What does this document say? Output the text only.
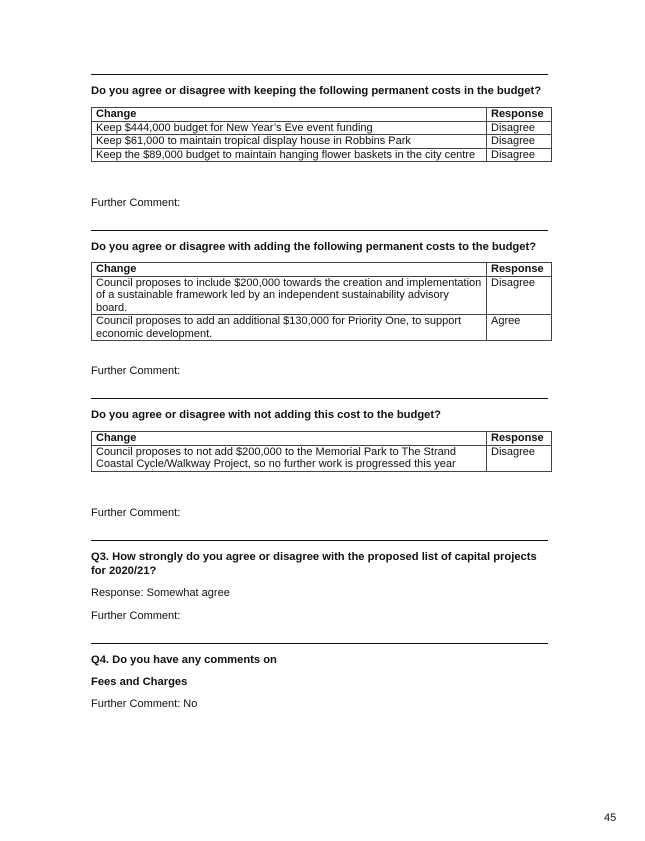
Do you agree or disagree with keeping the following permanent costs in the budget?
Change	Response
Keep $444,000 budget for New Year’s Eve event funding	Disagree
Keep $61,000 to maintain tropical display house in Robbins Park	Disagree
Keep the $89,000 budget to maintain hanging flower baskets in the city centre	Disagree
Further Comment:
Do you agree or disagree with adding the following permanent costs to the budget?
Change	Response
Council proposes to include $200,000 towards the creation and implementation of a sustainable framework led by an independent sustainability advisory board.	Disagree
Council proposes to add an additional $130,000 for Priority One, to support economic development.	Agree
Further Comment:
Do you agree or disagree with not adding this cost to the budget?
Change	Response
Council proposes to not add $200,000 to the Memorial Park to The Strand Coastal Cycle/Walkway Project, so no further work is progressed this year	Disagree
Further Comment:
Q3. How strongly do you agree or disagree with the proposed list of capital projects for 2020/21?
Response: Somewhat agree
Further Comment:
Q4. Do you have any comments on
Fees and Charges
Further Comment: No
45
